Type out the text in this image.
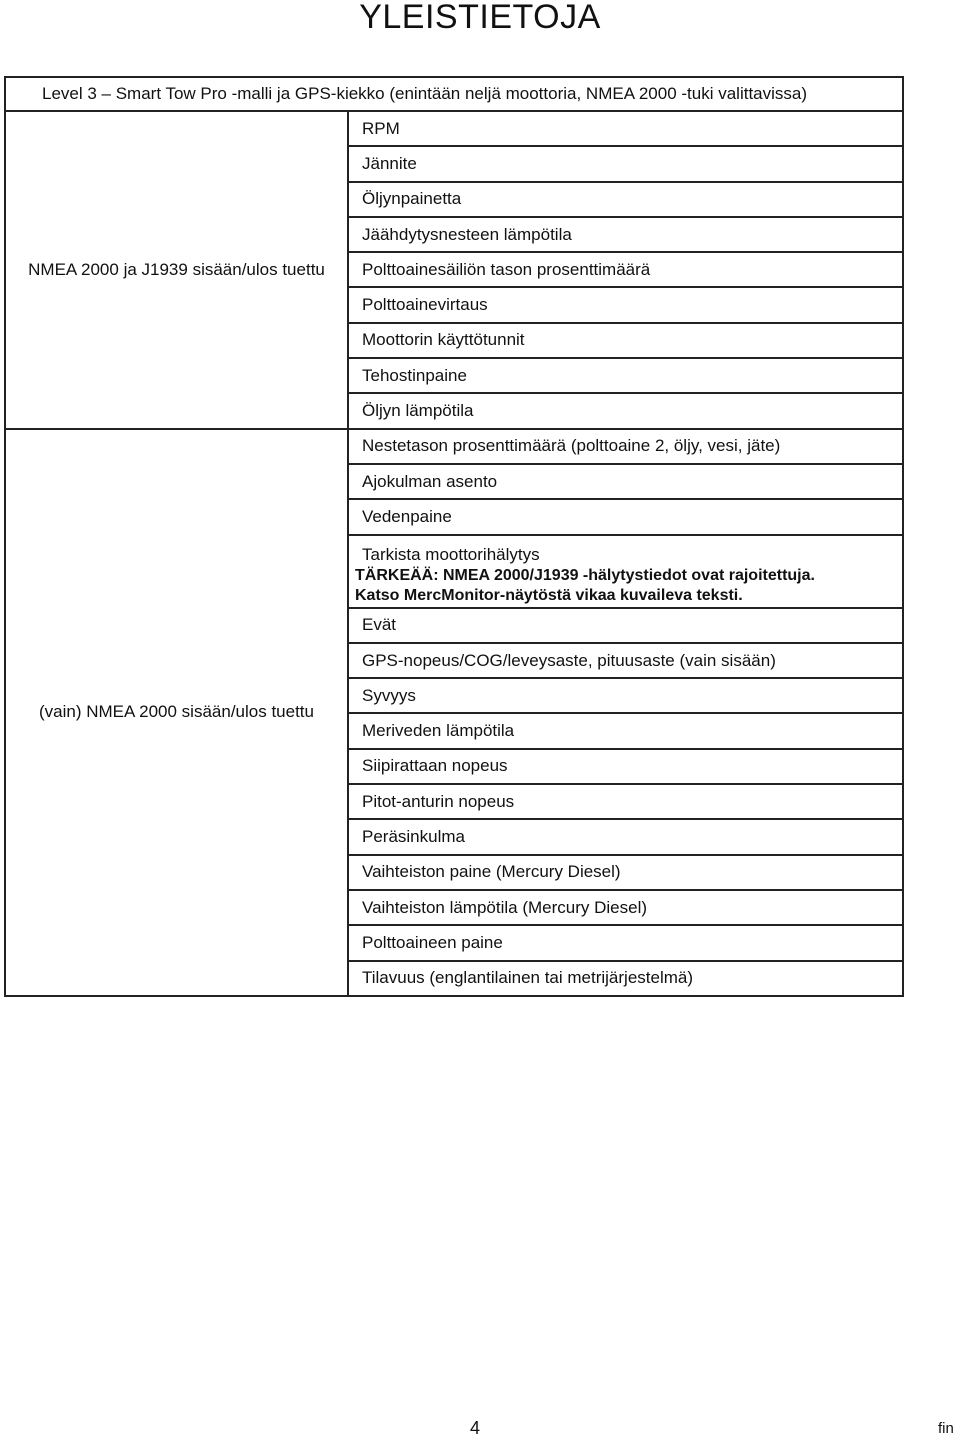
YLEISTIETOJA
Level 3 – Smart Tow Pro -malli ja GPS-kiekko (enintään neljä moottoria, NMEA 2000 -tuki valittavissa)	
NMEA 2000 ja J1939 sisään/ulos tuettu	RPM
	Jännite
	Öljynpainetta
	Jäähdytysnesteen lämpötila
	Polttoainesäiliön tason prosenttimäärä
	Polttoainevirtaus
	Moottorin käyttötunnit
	Tehostinpaine
	Öljyn lämpötila
(vain) NMEA 2000 sisään/ulos tuettu	Nestetason prosenttimäärä (polttoaine 2, öljy, vesi, jäte)
	Ajokulman asento
	Vedenpaine

	Tarkista moottorihälytys
TÄRKEÄÄ: NMEA 2000/J1939 -hälytystiedot ovat rajoitettuja.
Katso MercMonitor-näytöstä vikaa kuvaileva teksti.

	Evät
	GPS-nopeus/COG/leveysaste, pituusaste (vain sisään)
	Syvyys
	Meriveden lämpötila
	Siipirattaan nopeus
	Pitot-anturin nopeus
	Peräsinkulma
	Vaihteiston paine (Mercury Diesel)
	Vaihteiston lämpötila (Mercury Diesel)
	Polttoaineen paine
	Tilavuus (englantilainen tai metrijärjestelmä)
4	fin
